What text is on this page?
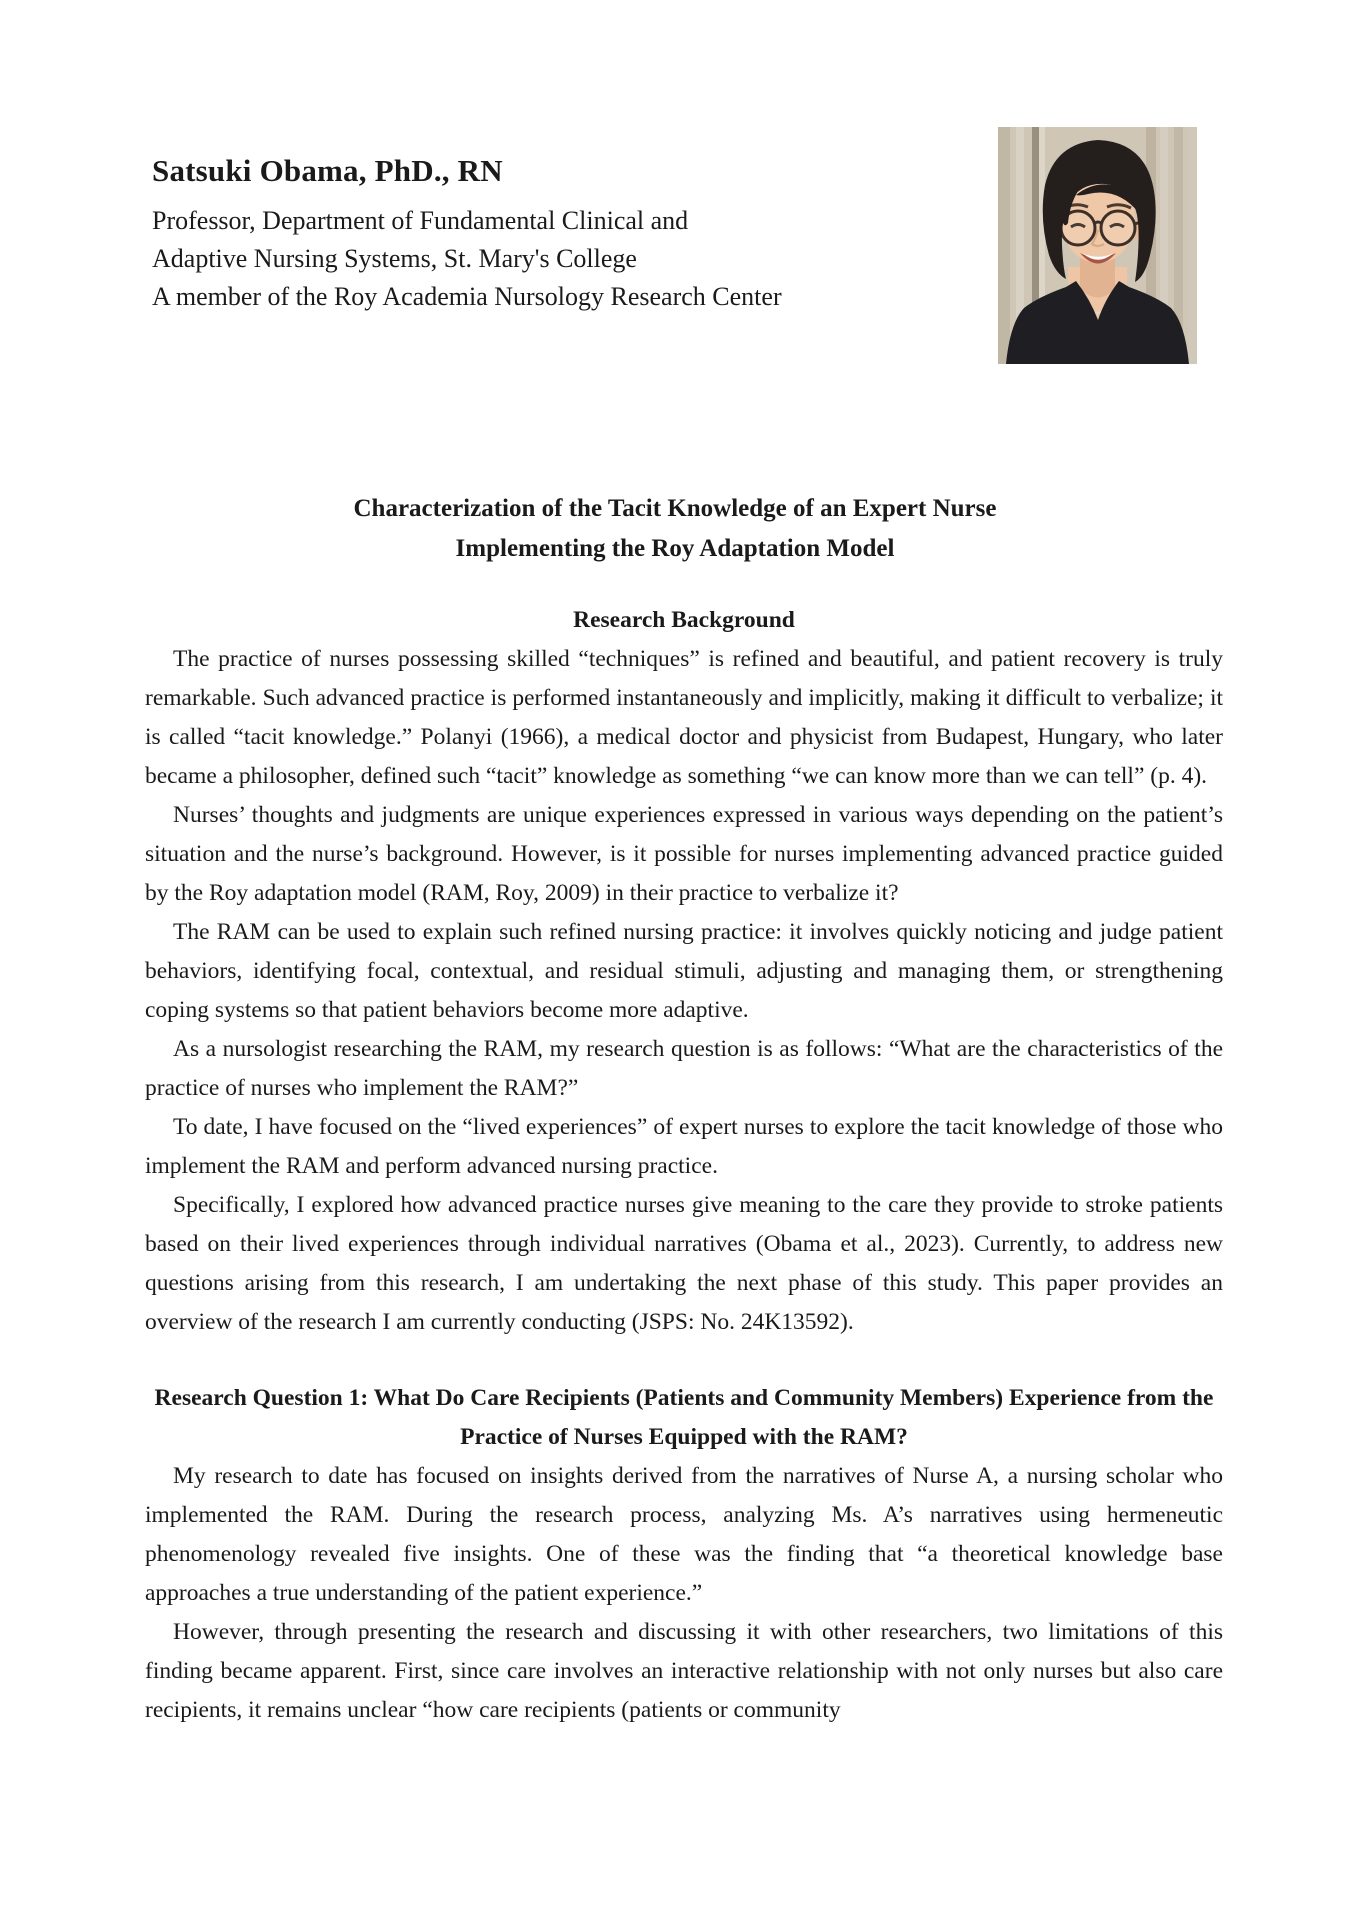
Satsuki Obama, PhD., RN
Professor, Department of Fundamental Clinical and
Adaptive Nursing Systems, St. Mary's College
A member of the Roy Academia Nursology Research Center
Characterization of the Tacit Knowledge of an Expert Nurse
Implementing the Roy Adaptation Model
Research Background

The practice of nurses possessing skilled “techniques” is refined and beautiful, and patient recovery is truly remarkable. Such advanced practice is performed instantaneously and implicitly, making it difficult to verbalize; it is called “tacit knowledge.” Polanyi (1966), a medical doctor and physicist from Budapest, Hungary, who later became a philosopher, defined such “tacit” knowledge as something “we can know more than we can tell” (p. 4).

Nurses’ thoughts and judgments are unique experiences expressed in various ways depending on the patient’s situation and the nurse’s background. However, is it possible for nurses implementing advanced practice guided by the Roy adaptation model (RAM, Roy, 2009) in their practice to verbalize it?

The RAM can be used to explain such refined nursing practice: it involves quickly noticing and judge patient behaviors, identifying focal, contextual, and residual stimuli, adjusting and managing them, or strengthening coping systems so that patient behaviors become more adaptive.

As a nursologist researching the RAM, my research question is as follows: “What are the characteristics of the practice of nurses who implement the RAM?”

To date, I have focused on the “lived experiences” of expert nurses to explore the tacit knowledge of those who implement the RAM and perform advanced nursing practice.

Specifically, I explored how advanced practice nurses give meaning to the care they provide to stroke patients based on their lived experiences through individual narratives (Obama et al., 2023). Currently, to address new questions arising from this research, I am undertaking the next phase of this study. This paper provides an overview of the research I am currently conducting (JSPS: No. 24K13592).

Research Question 1: What Do Care Recipients (Patients and Community Members) Experience from the Practice of Nurses Equipped with the RAM?

My research to date has focused on insights derived from the narratives of Nurse A, a nursing scholar who implemented the RAM. During the research process, analyzing Ms. A’s narratives using hermeneutic phenomenology revealed five insights. One of these was the finding that “a theoretical knowledge base approaches a true understanding of the patient experience.”

However, through presenting the research and discussing it with other researchers, two limitations of this finding became apparent. First, since care involves an interactive relationship with not only nurses but also care recipients, it remains unclear “how care recipients (patients or community
